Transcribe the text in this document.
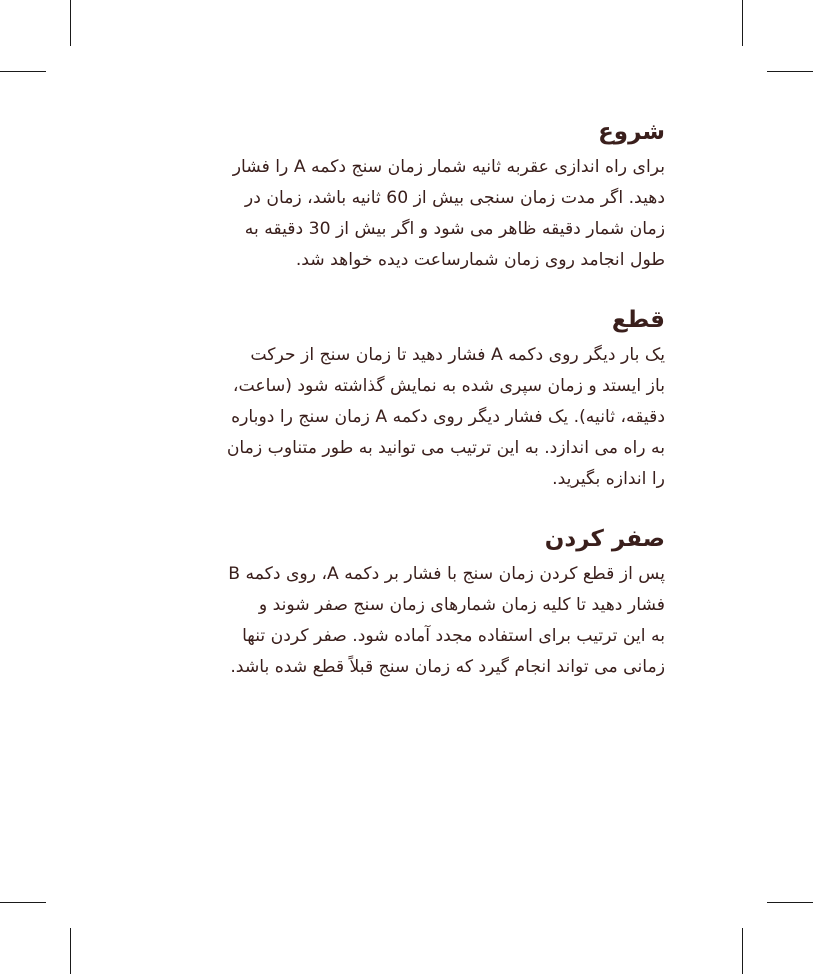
شروع

برای راه اندازی عقربه ثانیه شمار زمان سنج دکمه A را فشار
دهید. اگر مدت زمان سنجی بیش از 60 ثانیه باشد، زمان در
زمان شمار دقیقه ظاهر می شود و اگر بیش از 30 دقیقه به
طول انجامد روی زمان شمارساعت دیده خواهد شد.

قطع

یک بار دیگر روی دکمه A فشار دهید تا زمان سنج از حرکت
باز ایستد و زمان سپری شده به نمایش گذاشته شود (ساعت،
دقیقه، ثانیه). یک فشار دیگر روی دکمه A زمان سنج را دوباره
به راه می اندازد. به این ترتیب می توانید به طور متناوب زمان
را اندازه بگیرید.

صفر کردن

پس از قطع کردن زمان سنج با فشار بر دکمه A، روی دکمه B
فشار دهید تا کلیه زمان شمارهای زمان سنج صفر شوند و
به این ترتیب برای استفاده مجدد آماده شود. صفر کردن تنها
زمانی می تواند انجام گیرد که زمان سنج قبلاً قطع شده باشد.
